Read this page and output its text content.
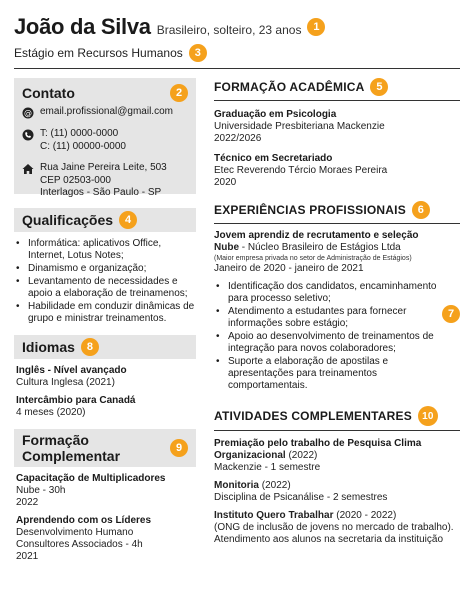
João da Silva Brasileiro, solteiro, 23 anos	1
Estágio em Recursos Humanos	3
Contato	2
@ email.profissional@gmail.com
T: (11) 0000-0000
C: (11) 00000-0000
Rua Jaine Pereira Leite, 503
CEP 02503-000
Interlagos - São Paulo - SP
Qualificações	4
• Informática: aplicativos Office, Internet, Lotus Notes;
• Dinamismo e organização;
• Levantamento de necessidades e apoio a elaboração de treinamenos;
• Habilidade em conduzir dinâmicas de grupo e ministrar treinamentos.
Idiomas	8
Inglês - Nível avançado
Cultura Inglesa (2021)
Intercâmbio para Canadá
4 meses (2020)
Formação Complementar	9
Capacitação de Multiplicadores
Nube - 30h
2022
Aprendendo com os Líderes
Desenvolvimento Humano
Consultores Associados - 4h
2021
FORMAÇÃO ACADÊMICA	5
Graduação em Psicologia
Universidade Presbiteriana Mackenzie
2022/2026
Técnico em Secretariado
Etec Reverendo Tércio Moraes Pereira
2020
EXPERIÊNCIAS PROFISSIONAIS	6
Jovem aprendiz de recrutamento e seleção
Nube - Núcleo Brasileiro de Estágios Ltda
(Maior empresa privada no setor de Administração de Estágios)
Janeiro de 2020 - janeiro de 2021
• Identificação dos candidatos, encaminhamento para processo seletivo;
• Atendimento a estudantes para fornecer informações sobre estágio;
• Apoio ao desenvolvimento de treinamentos de integração para novos colaboradores;
• Suporte a elaboração de apostilas e apresentações para treinamentos comportamentais.
7
ATIVIDADES COMPLEMENTARES	10
Premiação pelo trabalho de Pesquisa Clima
Organizacional (2022)
Mackenzie - 1 semestre
Monitoria (2022)
Disciplina de Psicanálise - 2 semestres
Instituto Quero Trabalhar (2020 - 2022)
(ONG de inclusão de jovens no mercado de trabalho). Atendimento aos alunos na secretaria da instituição
